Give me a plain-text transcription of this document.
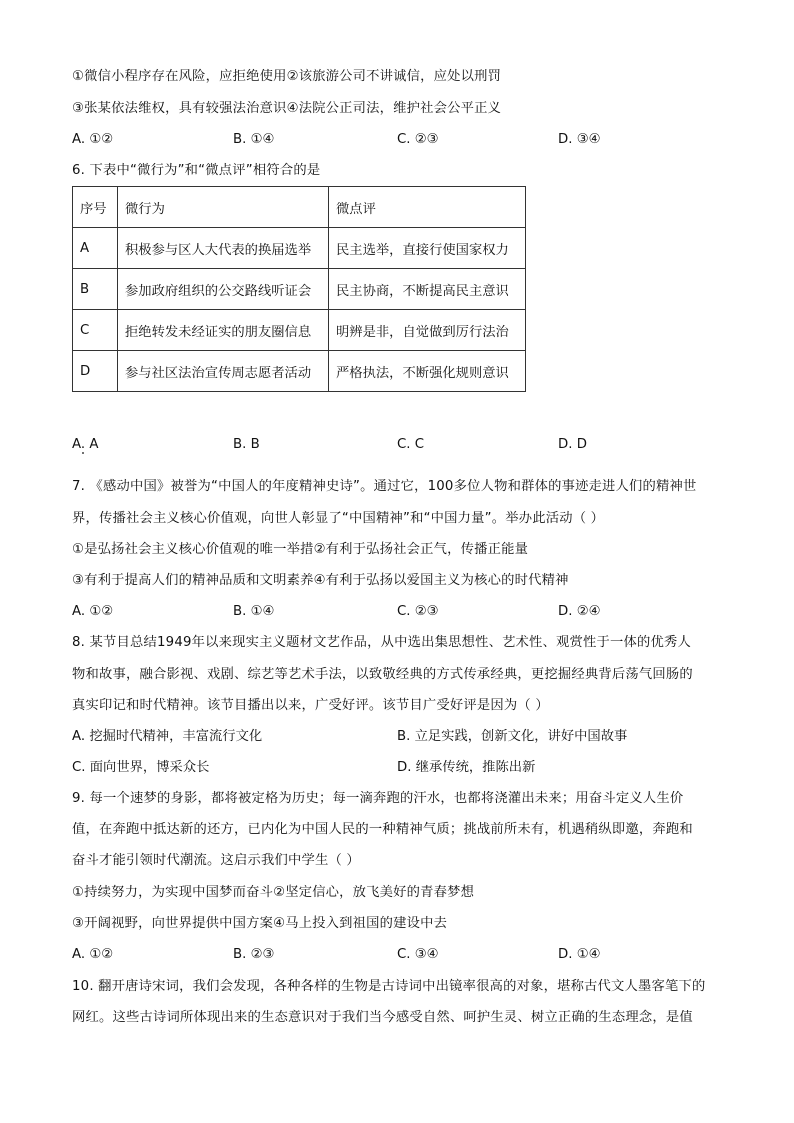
①微信小程序存在风险，应拒绝使用②该旅游公司不讲诚信，应处以刑罚
③张某依法维权，具有较强法治意识④法院公正司法，维护社会公平正义
A. ①②	B. ①④	C. ②③	D. ③④
6. 下表中“微行为”和“微点评”相符合的是
序号	微行为	微点评
A	积极参与区人大代表的换届选举	民主选举，直接行使国家权力
B	参加政府组织的公交路线听证会	民主协商，不断提高民主意识
C	拒绝转发未经证实的朋友圈信息	明辨是非，自觉做到厉行法治
D	参与社区法治宣传周志愿者活动	严格执法，不断强化规则意识
A. A	B. B	C. C	D. D
7. 《感动中国》被誉为“中国人的年度精神史诗”。通过它，100多位人物和群体的事迹走进人们的精神世
界，传播社会主义核心价值观，向世人彰显了“中国精神”和“中国力量”。举办此活动（ ）
①是弘扬社会主义核心价值观的唯一举措②有利于弘扬社会正气，传播正能量
③有利于提高人们的精神品质和文明素养④有利于弘扬以爱国主义为核心的时代精神
A. ①②	B. ①④	C. ②③	D. ②④
8. 某节目总结1949年以来现实主义题材文艺作品，从中选出集思想性、艺术性、观赏性于一体的优秀人
物和故事，融合影视、戏剧、综艺等艺术手法，以致敬经典的方式传承经典，更挖掘经典背后荡气回肠的
真实印记和时代精神。该节目播出以来，广受好评。该节目广受好评是因为（ ）
A. 挖掘时代精神，丰富流行文化	B. 立足实践，创新文化，讲好中国故事
C. 面向世界，博采众长	D. 继承传统，推陈出新
9. 每一个速梦的身影，都将被定格为历史；每一滴奔跑的汗水，也都将浇灌出未来；用奋斗定义人生价
值，在奔跑中抵达新的还方，已内化为中国人民的一种精神气质；挑战前所未有，机遇稍纵即邀，奔跑和
奋斗才能引领时代潮流。这启示我们中学生（ ）
①持续努力，为实现中国梦而奋斗②坚定信心，放飞美好的青春梦想
③开阔视野，向世界提供中国方案④马上投入到祖国的建设中去
A. ①②	B. ②③	C. ③④	D. ①④
10. 翻开唐诗宋词，我们会发现，各种各样的生物是古诗词中出镜率很高的对象，堪称古代文人墨客笔下的
网红。这些古诗词所体现出来的生态意识对于我们当今感受自然、呵护生灵、树立正确的生态理念，是值
